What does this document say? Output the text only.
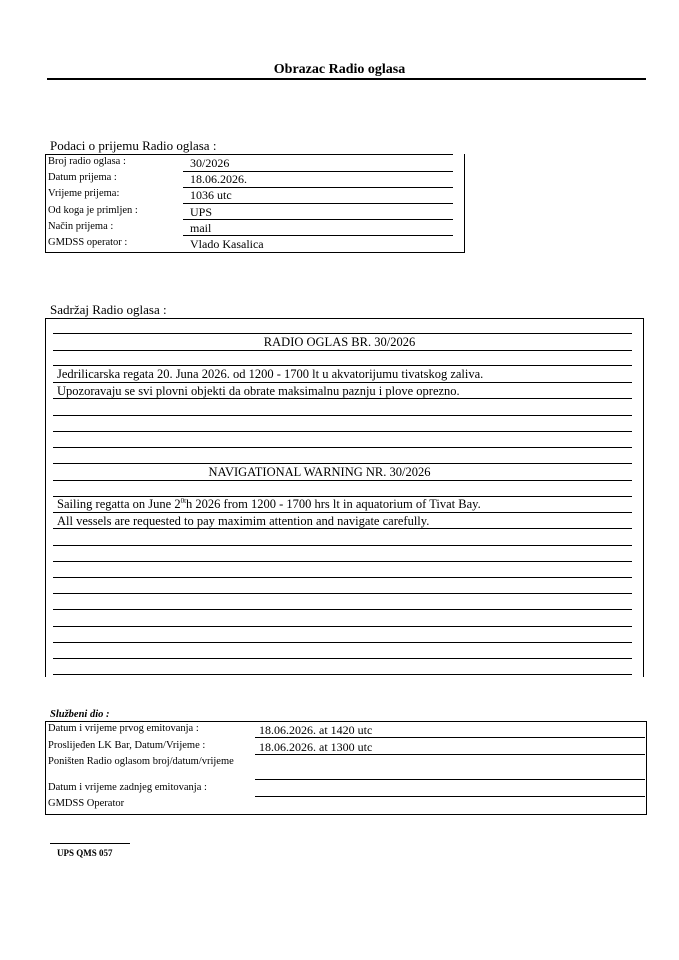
Obrazac Radio oglasa
Podaci o prijemu Radio oglasa :
Broj radio oglasa :	30/2026
Datum prijema :	18.06.2026.
Vrijeme prijema:	1036 utc
Od koga je primljen :	UPS
Način prijema :	mail
GMDSS operator :	Vlado Kasalica
Sadržaj Radio oglasa :
RADIO OGLAS BR. 30/2026
Jedrilicarska regata 20. Juna 2026. od 1200 - 1700 lt u akvatorijumu tivatskog zaliva.
Upozoravaju se svi plovni objekti da obrate maksimalnu paznju i plove oprezno.
NAVIGATIONAL WARNING NR. 30/2026
Sailing regatta on June $2^{0t}h$ 2026 from 1200 - 1700 hrs lt in aquatorium of Tivat Bay.
All vessels are requested to pay maximim attention and navigate carefully.
Službeni dio :
Datum i vrijeme prvog emitovanja :	18.06.2026. at 1420 utc
Proslijeđen LK Bar, Datum/Vrijeme :	18.06.2026. at 1300 utc
Poništen Radio oglasom broj/datum/vrijeme
Datum i vrijeme zadnjeg emitovanja :
GMDSS Operator
UPS QMS 057
